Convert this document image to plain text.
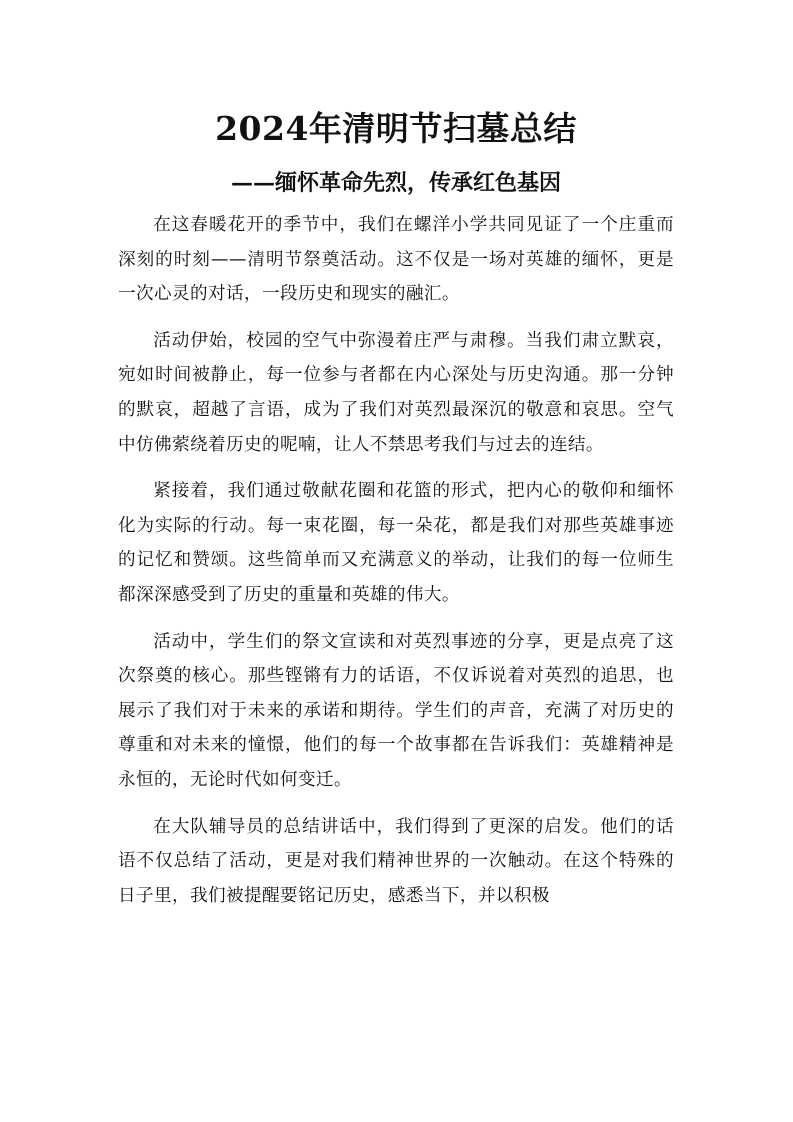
2024年清明节扫墓总结
——缅怀革命先烈，传承红色基因

在这春暖花开的季节中，我们在螺洋小学共同见证了一个庄重而深刻的时刻——清明节祭奠活动。这不仅是一场对英雄的缅怀，更是一次心灵的对话，一段历史和现实的融汇。

活动伊始，校园的空气中弥漫着庄严与肃穆。当我们肃立默哀，宛如时间被静止，每一位参与者都在内心深处与历史沟通。那一分钟的默哀，超越了言语，成为了我们对英烈最深沉的敬意和哀思。空气中仿佛萦绕着历史的呢喃，让人不禁思考我们与过去的连结。

紧接着，我们通过敬献花圈和花篮的形式，把内心的敬仰和缅怀化为实际的行动。每一束花圈，每一朵花，都是我们对那些英雄事迹的记忆和赞颂。这些简单而又充满意义的举动，让我们的每一位师生都深深感受到了历史的重量和英雄的伟大。

活动中，学生们的祭文宣读和对英烈事迹的分享，更是点亮了这次祭奠的核心。那些铿锵有力的话语，不仅诉说着对英烈的追思，也展示了我们对于未来的承诺和期待。学生们的声音，充满了对历史的尊重和对未来的憧憬，他们的每一个故事都在告诉我们：英雄精神是永恒的，无论时代如何变迁。

在大队辅导员的总结讲话中，我们得到了更深的启发。他们的话语不仅总结了活动，更是对我们精神世界的一次触动。在这个特殊的日子里，我们被提醒要铭记历史，感悉当下，并以积极
